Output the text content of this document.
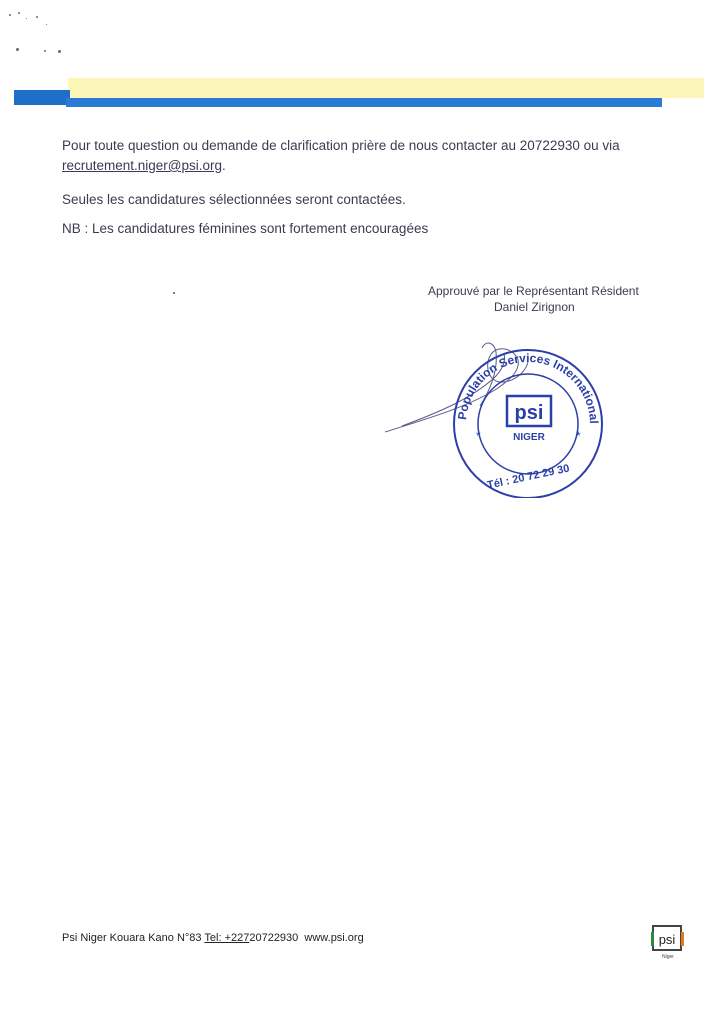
Pour toute question ou demande de clarification prière de nous contacter au 20722930 ou via
recrutement.niger@psi.org.
Seules les candidatures sélectionnées seront contactées.
NB : Les candidatures féminines sont fortement encouragées
Approuvé par le Représentant Résident
Daniel Zirignon
Population Services International
psi
NIGER
*	*
Tél : 20 72 29 30
Psi Niger Kouara Kano N°83 Tel: +22720722930  www.psi.org	psi
Niger
